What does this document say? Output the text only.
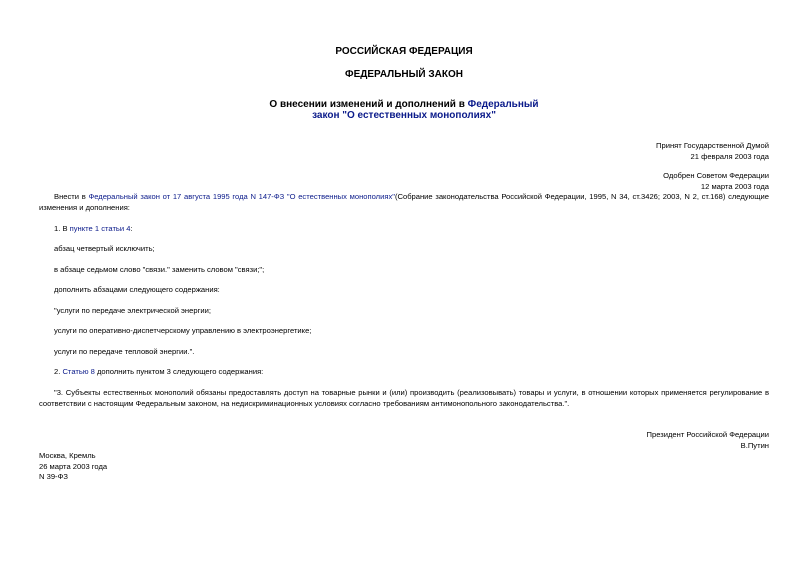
РОССИЙСКАЯ ФЕДЕРАЦИЯ
ФЕДЕРАЛЬНЫЙ ЗАКОН
О внесении изменений и дополнений в Федеральный
закон "О естественных монополиях"
Принят Государственной Думой
21 февраля 2003 года
Одобрен Советом Федерации
12 марта 2003 года
Внести в Федеральный закон от 17 августа 1995 года N 147-ФЗ "О естественных монополиях"(Собрание законодательства Российской Федерации, 1995, N 34, ст.3426; 2003, N 2, ст.168) следующие изменения и дополнения:
1. В пункте 1 статьи 4:
абзац четвертый исключить;
в абзаце седьмом слово "связи." заменить словом "связи;";
дополнить абзацами следующего содержания:
"услуги по передаче электрической энергии;
услуги по оперативно-диспетчерскому управлению в электроэнергетике;
услуги по передаче тепловой энергии.".
2. Статью 8 дополнить пунктом 3 следующего содержания:
"3. Субъекты естественных монополий обязаны предоставлять доступ на товарные рынки и (или) производить (реализовывать) товары и услуги, в отношении которых применяется регулирование в соответствии с настоящим Федеральным законом, на недискриминационных условиях согласно требованиям антимонопольного законодательства.".
Президент Российской Федерации
В.Путин
Москва, Кремль
26 марта 2003 года
N 39-ФЗ
